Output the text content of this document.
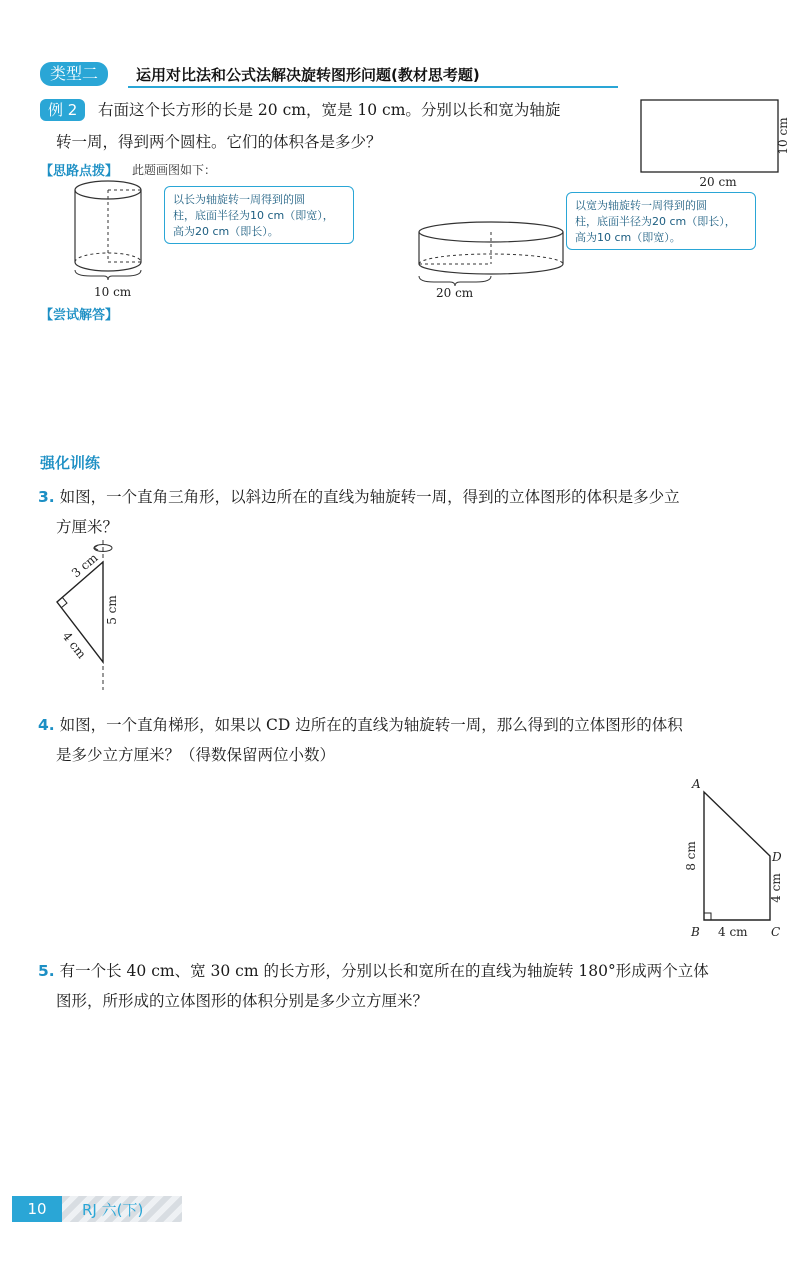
类型二	运用对比法和公式法解决旋转图形问题(教材思考题)
例 2	右面这个长方形的长是 20 cm，宽是 10 cm。分别以长和宽为轴旋
转一周，得到两个圆柱。它们的体积各是多少？
20 cm
10 cm
【思路点拨】 此题画图如下：
10 cm
以长为轴旋转一周得到的圆
柱，底面半径为10 cm（即宽），
高为20 cm（即长）。
20 cm
以宽为轴旋转一周得到的圆
柱，底面半径为20 cm（即长），
高为10 cm（即宽）。
【尝试解答】
强化训练
3. 如图，一个直角三角形，以斜边所在的直线为轴旋转一周，得到的立体图形的体积是多少立
方厘米？
3 cm
4 cm
5 cm
4. 如图，一个直角梯形，如果以 CD 边所在的直线为轴旋转一周，那么得到的立体图形的体积
是多少立方厘米？（得数保留两位小数）
A
B	C
D
8 cm
4 cm
4 cm
5. 有一个长 40 cm、宽 30 cm 的长方形，分别以长和宽所在的直线为轴旋转 180°形成两个立体
图形，所形成的立体图形的体积分别是多少立方厘米？
10	RJ 六(下)
